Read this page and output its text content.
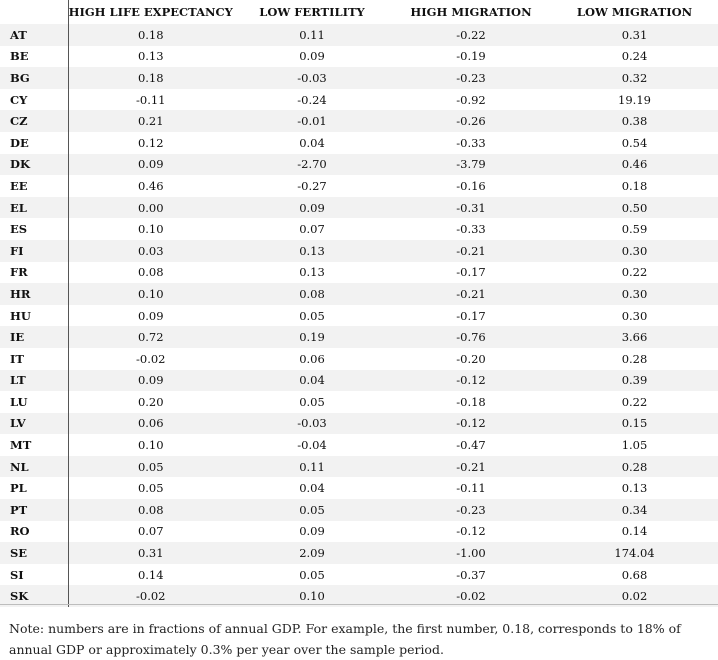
	HIGH LIFE EXPECTANCY	LOW FERTILITY	HIGH MIGRATION	LOW MIGRATION
AT	0.18	0.11	-0.22	0.31
BE	0.13	0.09	-0.19	0.24
BG	0.18	-0.03	-0.23	0.32
CY	-0.11	-0.24	-0.92	19.19
CZ	0.21	-0.01	-0.26	0.38
DE	0.12	0.04	-0.33	0.54
DK	0.09	-2.70	-3.79	0.46
EE	0.46	-0.27	-0.16	0.18
EL	0.00	0.09	-0.31	0.50
ES	0.10	0.07	-0.33	0.59
FI	0.03	0.13	-0.21	0.30
FR	0.08	0.13	-0.17	0.22
HR	0.10	0.08	-0.21	0.30
HU	0.09	0.05	-0.17	0.30
IE	0.72	0.19	-0.76	3.66
IT	-0.02	0.06	-0.20	0.28
LT	0.09	0.04	-0.12	0.39
LU	0.20	0.05	-0.18	0.22
LV	0.06	-0.03	-0.12	0.15
MT	0.10	-0.04	-0.47	1.05
NL	0.05	0.11	-0.21	0.28
PL	0.05	0.04	-0.11	0.13
PT	0.08	0.05	-0.23	0.34
RO	0.07	0.09	-0.12	0.14
SE	0.31	2.09	-1.00	174.04
SI	0.14	0.05	-0.37	0.68
SK	-0.02	0.10	-0.02	0.02
Note: numbers are in fractions of annual GDP. For example, the first number, 0.18, corresponds to 18% of annual GDP or approximately 0.3% per year over the sample period.
